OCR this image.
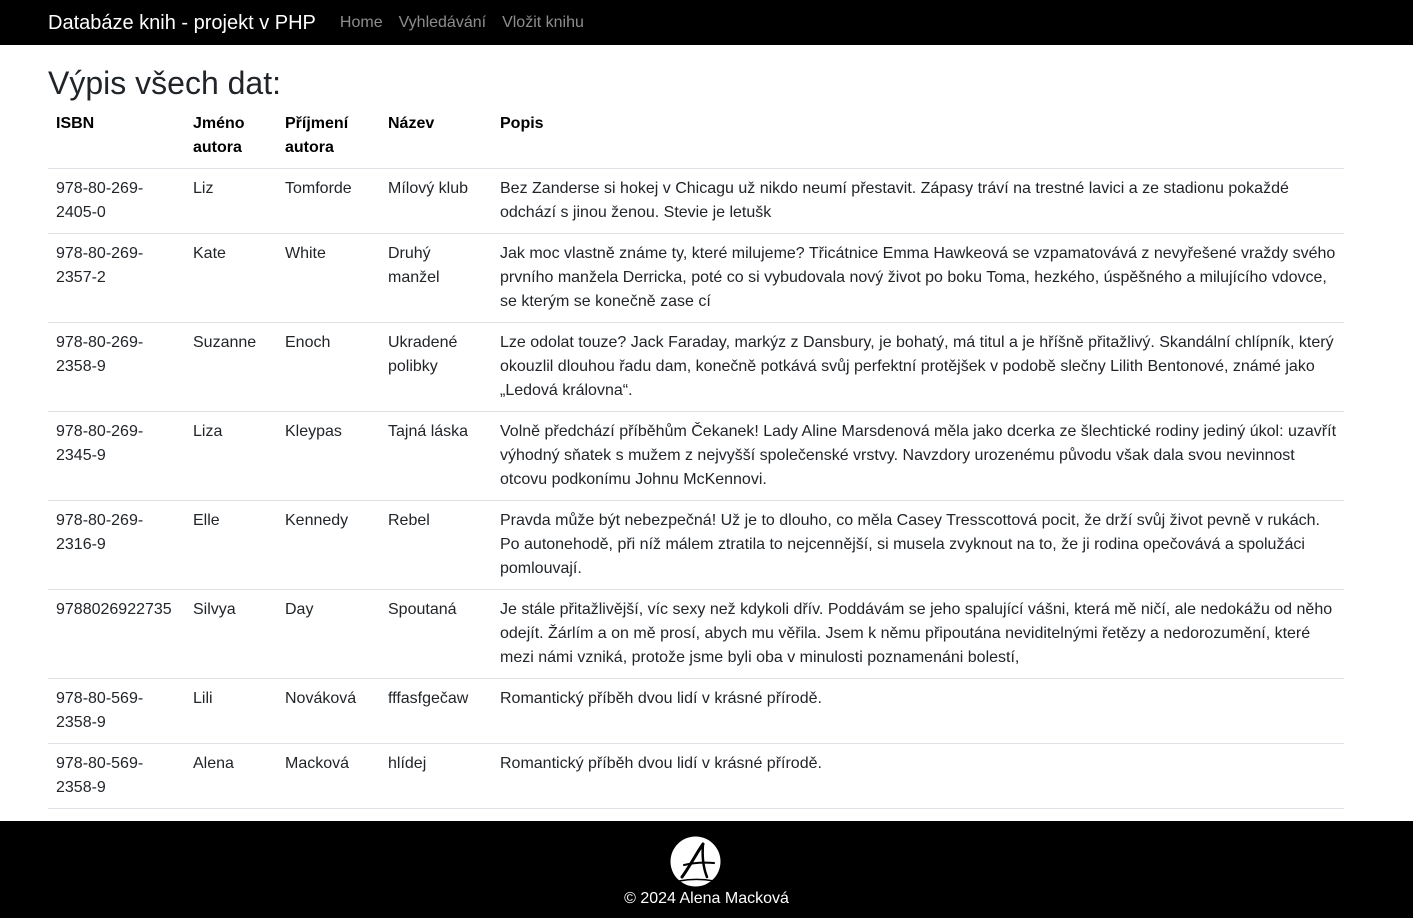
Databáze knih - projekt v PHP	Home	Vyhledávání	Vložit knihu
Výpis všech dat:
ISBN	Jméno autora	Příjmení autora	Název	Popis
978-80-269-2405-0	Liz	Tomforde	Mílový klub	Bez Zanderse si hokej v Chicagu už nikdo neumí přestavit. Zápasy tráví na trestné lavici a ze stadionu pokaždé odchází s jinou ženou. Stevie je letušk
978-80-269-2357-2	Kate	White	Druhý manžel	Jak moc vlastně známe ty, které milujeme? Třicátnice Emma Hawkeová se vzpamatovává z nevyřešené vraždy svého prvního manžela Derricka, poté co si vybudovala nový život po boku Toma, hezkého, úspěšného a milujícího vdovce, se kterým se konečně zase cí
978-80-269-2358-9	Suzanne	Enoch	Ukradené polibky	Lze odolat touze? Jack Faraday, markýz z Dansbury, je bohatý, má titul a je hříšně přitažlivý. Skandální chlípník, který okouzlil dlouhou řadu dam, konečně potkává svůj perfektní protějšek v podobě slečny Lilith Bentonové, známé jako „Ledová královna“.
978-80-269-2345-9	Liza	Kleypas	Tajná láska	Volně předchází příběhům Čekanek! Lady Aline Marsdenová měla jako dcerka ze šlechtické rodiny jediný úkol: uzavřít výhodný sňatek s mužem z nejvyšší společenské vrstvy. Navzdory urozenému původu však dala svou nevinnost otcovu podkonímu Johnu McKennovi.
978-80-269-2316-9	Elle	Kennedy	Rebel	Pravda může být nebezpečná! Už je to dlouho, co měla Casey Tresscottová pocit, že drží svůj život pevně v rukách. Po autonehodě, při níž málem ztratila to nejcennější, si musela zvyknout na to, že ji rodina opečovává a spolužáci pomlouvají.
9788026922735	Silvya	Day	Spoutaná	Je stále přitažlivější, víc sexy než kdykoli dřív. Poddávám se jeho spalující vášni, která mě ničí, ale nedokážu od něho odejít. Žárlím a on mě prosí, abych mu věřila. Jsem k němu připoutána neviditelnými řetězy a nedorozumění, které mezi námi vzniká, protože jsme byli oba v minulosti poznamenáni bolestí,
978-80-569-2358-9	Lili	Nováková	fffasfgečaw	Romantický příběh dvou lidí v krásné přírodě.
978-80-569-2358-9	Alena	Macková	hlídej	Romantický příběh dvou lidí v krásné přírodě.
© 2024 Alena Macková
